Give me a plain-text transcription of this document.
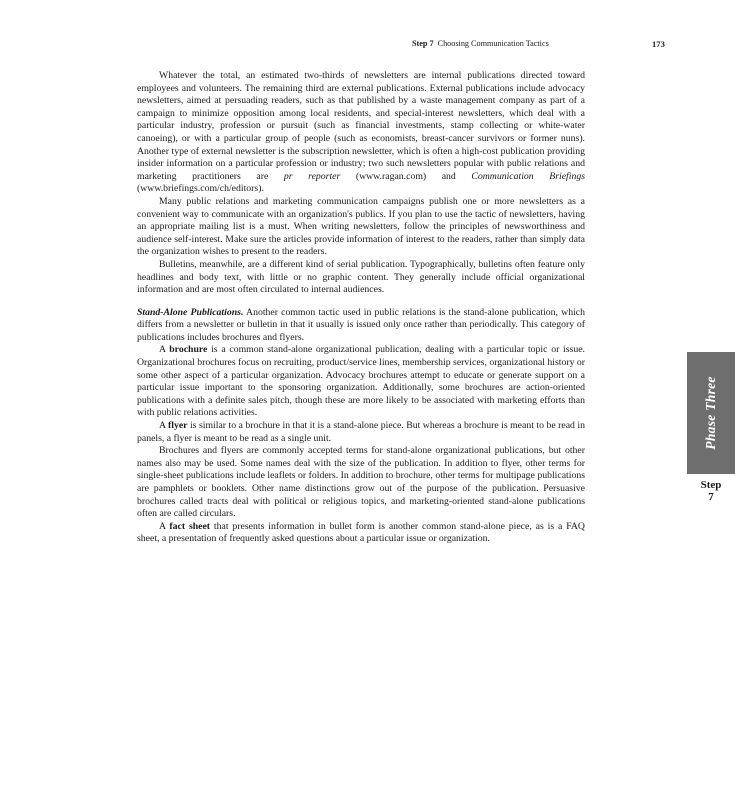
Step 7 Choosing Communication Tactics	173

Whatever the total, an estimated two-thirds of newsletters are internal publications directed toward employees and volunteers. The remaining third are external publications. External publications include advocacy newsletters, aimed at persuading readers, such as that published by a waste management company as part of a campaign to minimize opposition among local residents, and special-interest newsletters, which deal with a particular industry, profession or pursuit (such as financial investments, stamp collecting or white-water canoeing), or with a particular group of people (such as economists, breast-cancer survivors or former nuns). Another type of external newsletter is the subscription newsletter, which is often a high-cost publication providing insider information on a particular profession or industry; two such newsletters popular with public relations and marketing practitioners are pr reporter (www.ragan.com) and Communication Briefings (www.briefings.com/ch/editors).

Many public relations and marketing communication campaigns publish one or more newsletters as a convenient way to communicate with an organization's publics. If you plan to use the tactic of newsletters, having an appropriate mailing list is a must. When writing newsletters, follow the principles of newsworthiness and audience self-interest. Make sure the articles provide information of interest to the readers, rather than simply data the organization wishes to present to the readers.

Bulletins, meanwhile, are a different kind of serial publication. Typographically, bulletins often feature only headlines and body text, with little or no graphic content. They generally include official organizational information and are most often circulated to internal audiences.

Stand-Alone Publications. Another common tactic used in public relations is the stand-alone publication, which differs from a newsletter or bulletin in that it usually is issued only once rather than periodically. This category of publications includes brochures and flyers.

A brochure is a common stand-alone organizational publication, dealing with a particular topic or issue. Organizational brochures focus on recruiting, product/service lines, membership services, organizational history or some other aspect of a particular organization. Advocacy brochures attempt to educate or generate support on a particular issue important to the sponsoring organization. Additionally, some brochures are action-oriented publications with a definite sales pitch, though these are more likely to be associated with marketing efforts than with public relations activities.

A flyer is similar to a brochure in that it is a stand-alone piece. But whereas a brochure is meant to be read in panels, a flyer is meant to be read as a single unit.

Brochures and flyers are commonly accepted terms for stand-alone organizational publications, but other names also may be used. Some names deal with the size of the publication. In addition to flyer, other terms for single-sheet publications include leaflets or folders. In addition to brochure, other terms for multipage publications are pamphlets or booklets. Other name distinctions grow out of the purpose of the publication. Persuasive brochures called tracts deal with political or religious topics, and marketing-oriented stand-alone publications often are called circulars.

A fact sheet that presents information in bullet form is another common stand-alone piece, as is a FAQ sheet, a presentation of frequently asked questions about a particular issue or organization.

Phase Three
Step
7
